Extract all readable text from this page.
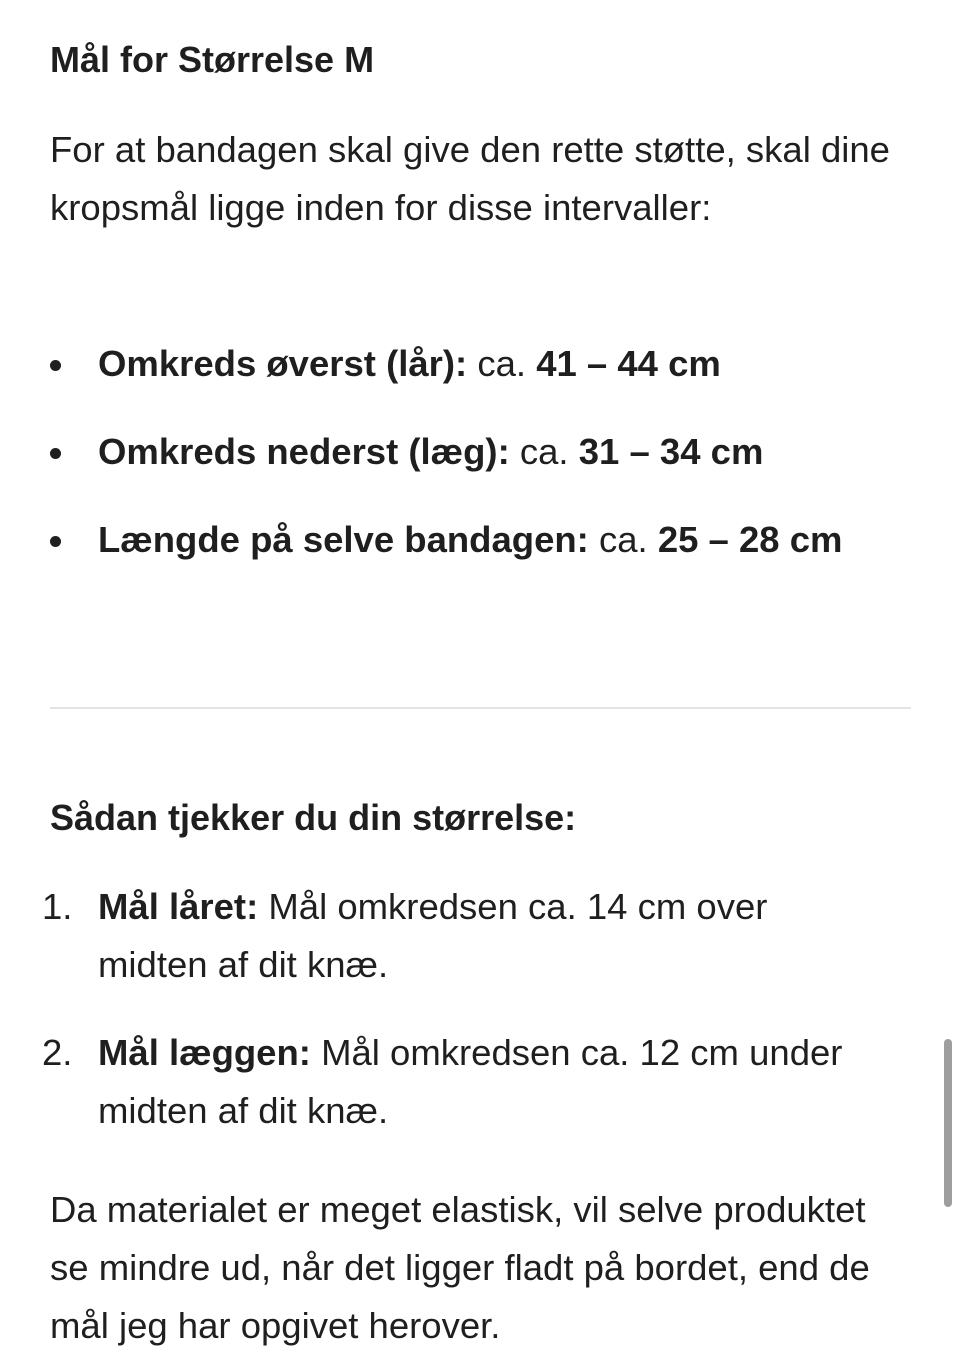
Mål for Størrelse M

For at bandagen skal give den rette støtte, skal dine kropsmål ligge inden for disse intervaller:

Omkreds øverst (lår): ca. 41 – 44 cm
Omkreds nederst (læg): ca. 31 – 34 cm
Længde på selve bandagen: ca. 25 – 28 cm
Sådan tjekker du din størrelse:
1. Mål låret: Mål omkredsen ca. 14 cm over midten af dit knæ.
2. Mål læggen: Mål omkredsen ca. 12 cm under midten af dit knæ.

Da materialet er meget elastisk, vil selve produktet se mindre ud, når det ligger fladt på bordet, end de mål jeg har opgivet herover.
